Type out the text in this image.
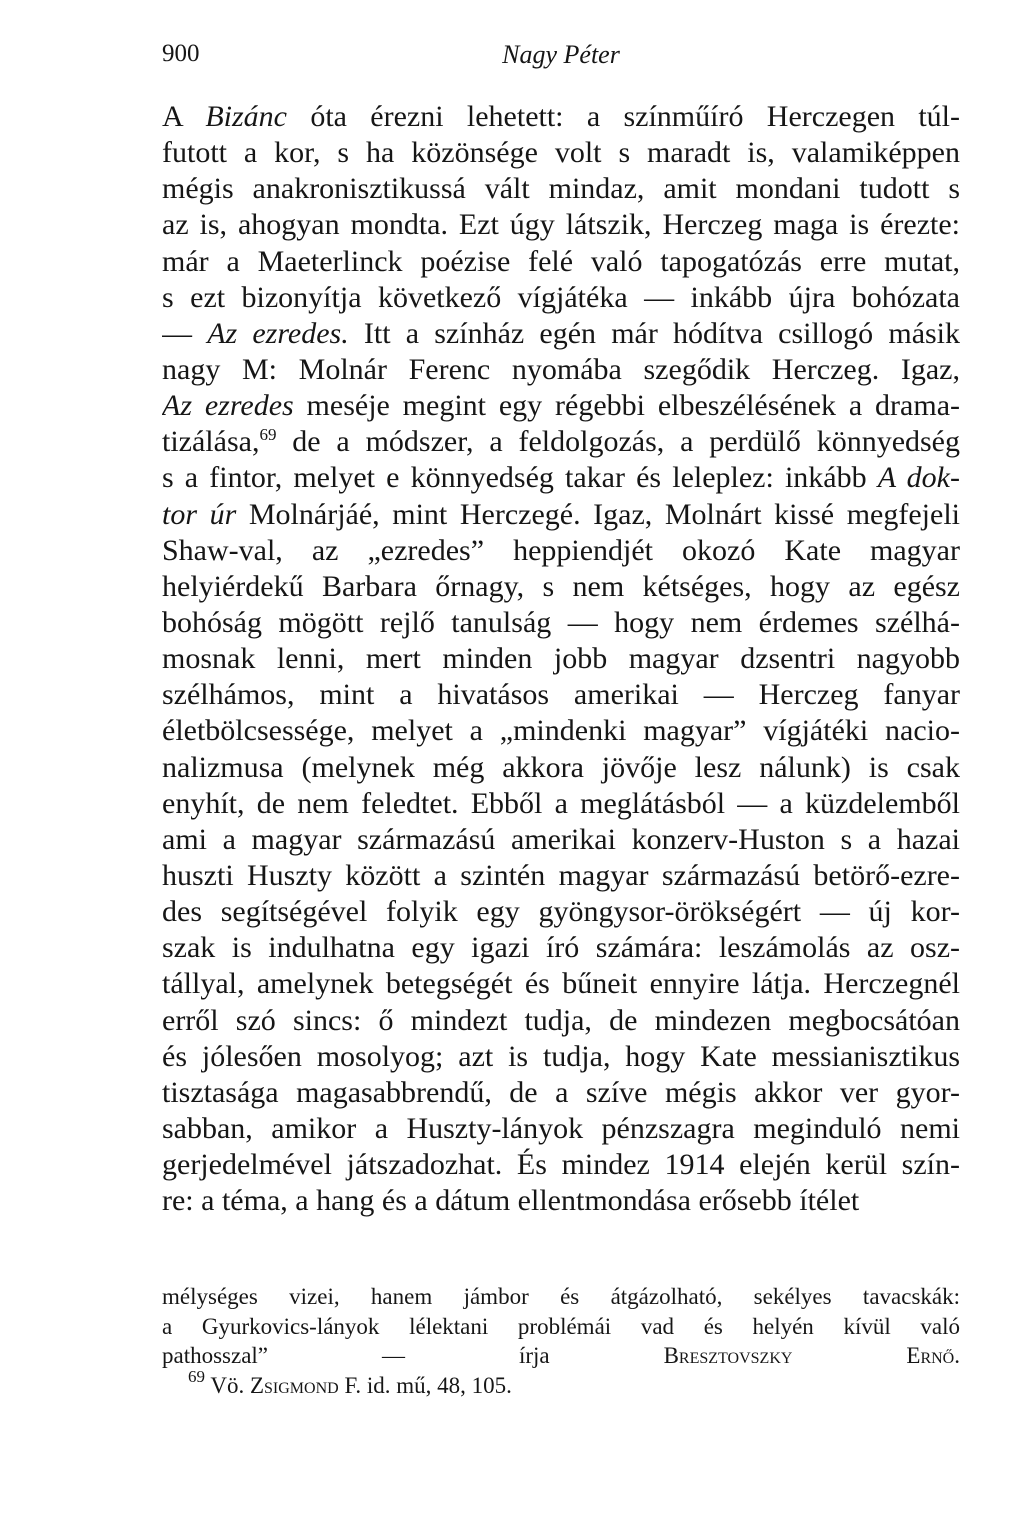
900	Nagy Péter
A Bizánc óta érezni lehetett: a színműíró Herczegen túl-
futott a kor, s ha közönsége volt s maradt is, valamiképpen
mégis anakronisztikussá vált mindaz, amit mondani tudott s
az is, ahogyan mondta. Ezt úgy látszik, Herczeg maga is érezte:
már a Maeterlinck poézise felé való tapogatózás erre mutat,
s ezt bizonyítja következő vígjátéka — inkább újra bohózata
— Az ezredes. Itt a színház egén már hódítva csillogó másik
nagy M: Molnár Ferenc nyomába szegődik Herczeg. Igaz,
Az ezredes meséje megint egy régebbi elbeszélésének a drama-
tizálása,$^{69}$ de a módszer, a feldolgozás, a perdülő könnyedség
s a fintor, melyet e könnyedség takar és leleplez: inkább A dok-
tor úr Molnárjáé, mint Herczegé. Igaz, Molnárt kissé megfejeli
Shaw-val, az „ezredes” heppiendjét okozó Kate magyar
helyiérdekű Barbara őrnagy, s nem kétséges, hogy az egész
bohóság mögött rejlő tanulság — hogy nem érdemes szélhá-
mosnak lenni, mert minden jobb magyar dzsentri nagyobb
szélhámos, mint a hivatásos amerikai — Herczeg fanyar
életbölcsessége, melyet a „mindenki magyar” vígjátéki nacio-
nalizmusa (melynek még akkora jövője lesz nálunk) is csak
enyhít, de nem feledtet. Ebből a meglátásból — a küzdelemből
ami a magyar származású amerikai konzerv-Huston s a hazai
huszti Huszty között a szintén magyar származású betörő-ezre-
des segítségével folyik egy gyöngysor-örökségért — új kor-
szak is indulhatna egy igazi író számára: leszámolás az osz-
tállyal, amelynek betegségét és bűneit ennyire látja. Herczegnél
erről szó sincs: ő mindezt tudja, de mindezen megbocsátóan
és jólesően mosolyog; azt is tudja, hogy Kate messianisztikus
tisztasága magasabbrendű, de a szíve mégis akkor ver gyor-
sabban, amikor a Huszty-lányok pénzszagra meginduló nemi
gerjedelmével játszadozhat. És mindez 1914 elején kerül szín-
re: a téma, a hang és a dátum ellentmondása erősebb ítélet
mélységes vizei, hanem jámbor és átgázolható, sekélyes tavacskák:
a Gyurkovics-lányok lélektani problémái vad és helyén kívül való
pathosszal” — írja Bresztovszky Ernő.
$^{69}$ Vö. Zsigmond F. id. mű, 48, 105.
